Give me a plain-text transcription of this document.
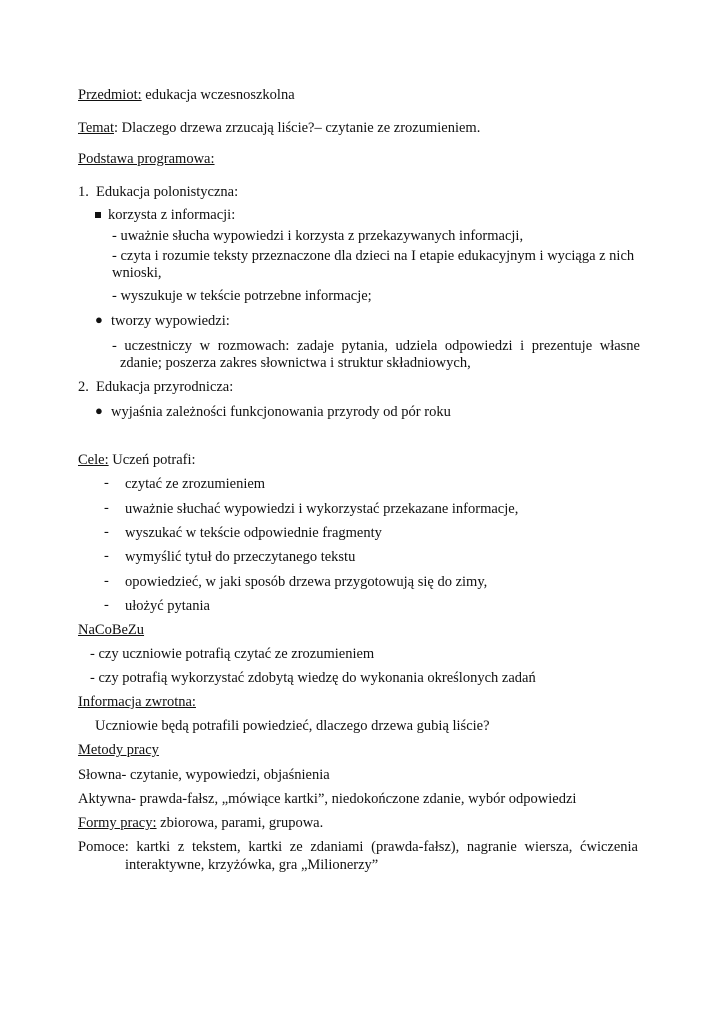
Przedmiot: edukacja wczesnoszkolna
Temat: Dlaczego drzewa zrzucają liście?– czytanie ze zrozumieniem.
Podstawa programowa:
1. Edukacja polonistyczna:
korzysta z informacji:
- uważnie słucha wypowiedzi i korzysta z przekazywanych informacji,
- czyta i rozumie teksty przeznaczone dla dzieci na I etapie edukacyjnym i wyciąga z nich
wnioski,
- wyszukuje w tekście potrzebne informacje;
● tworzy wypowiedzi:
- uczestniczy w rozmowach: zadaje pytania, udziela odpowiedzi i prezentuje własne
zdanie; poszerza zakres słownictwa i struktur składniowych,
2. Edukacja przyrodnicza:
● wyjaśnia zależności funkcjonowania przyrody od pór roku
Cele: Uczeń potrafi:
- czytać ze zrozumieniem
- uważnie słuchać wypowiedzi i wykorzystać przekazane informacje,
- wyszukać w tekście odpowiednie fragmenty
- wymyślić tytuł do przeczytanego tekstu
- opowiedzieć, w jaki sposób drzewa przygotowują się do zimy,
- ułożyć pytania
NaCoBeZu
- czy uczniowie potrafią czytać ze zrozumieniem
- czy potrafią wykorzystać zdobytą wiedzę do wykonania określonych zadań
Informacja zwrotna:
Uczniowie będą potrafili powiedzieć, dlaczego drzewa gubią liście?
Metody pracy
Słowna- czytanie, wypowiedzi, objaśnienia
Aktywna- prawda-fałsz, „mówiące kartki”, niedokończone zdanie, wybór odpowiedzi
Formy pracy: zbiorowa, parami, grupowa.
Pomoce: kartki z tekstem, kartki ze zdaniami (prawda-fałsz), nagranie wiersza, ćwiczenia
interaktywne, krzyżówka, gra „Milionerzy”
